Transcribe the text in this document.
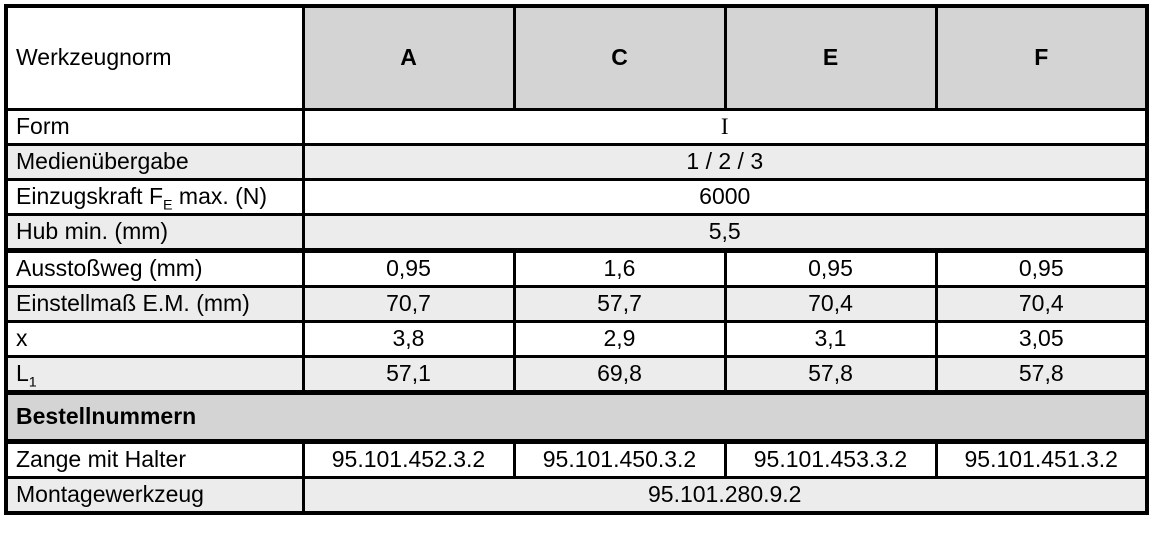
Werkzeugnorm	A	C	E	F
Form	I			
Medienübergabe	1 / 2 / 3			
Einzugskraft $F_E$ max. (N)	6000			
Hub min. (mm)	5,5			
Ausstoßweg (mm)	0,95	1,6	0,95	0,95
Einstellmaß E.M. (mm)	70,7	57,7	70,4	70,4
x	3,8	2,9	3,1	3,05
$L_1$	57,1	69,8	57,8	57,8
Bestellnummern				
Zange mit Halter	95.101.452.3.2	95.101.450.3.2	95.101.453.3.2	95.101.451.3.2
Montagewerkzeug	95.101.280.9.2			
